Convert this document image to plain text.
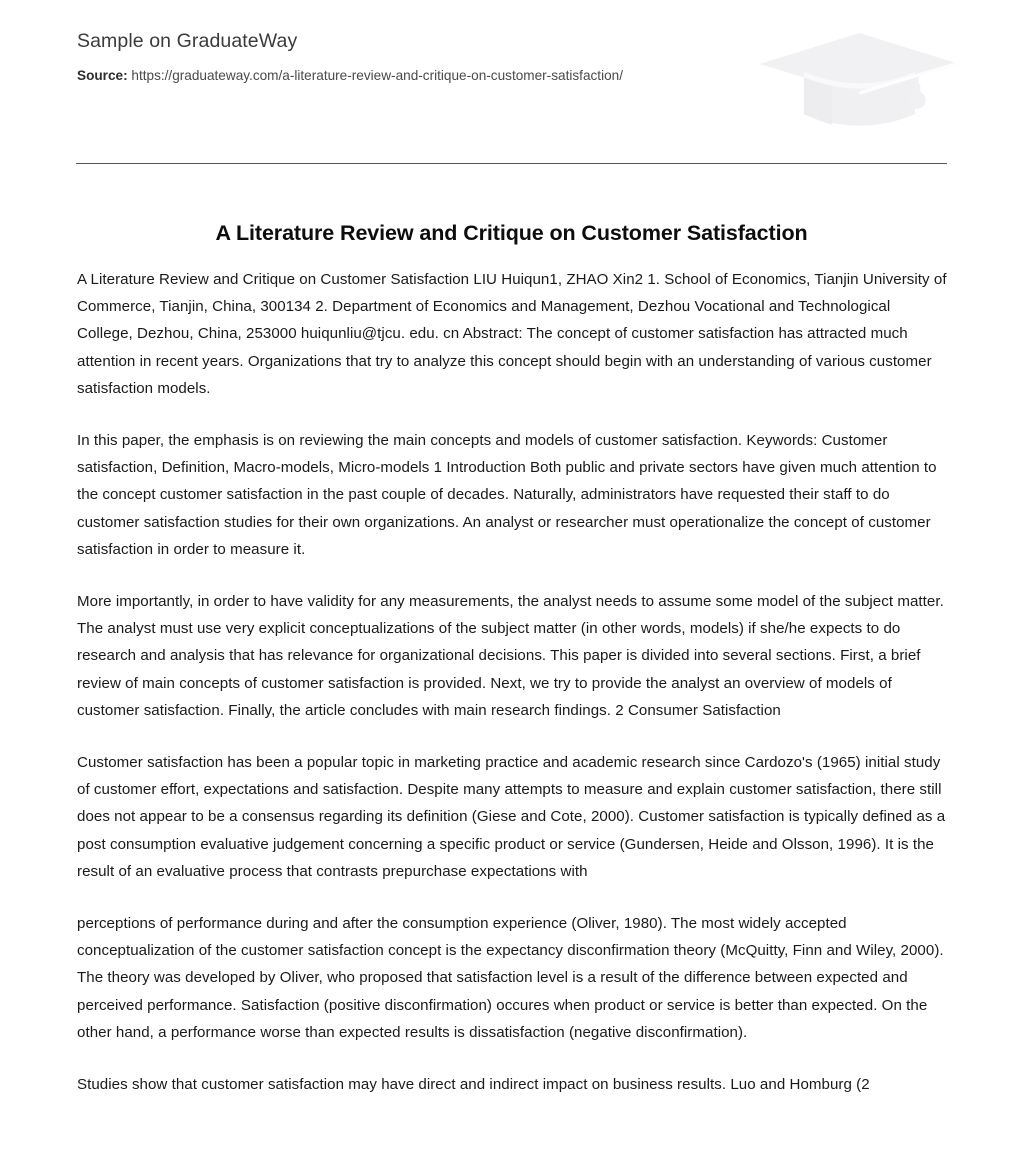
Sample on GraduateWay
Source: https://graduateway.com/a-literature-review-and-critique-on-customer-satisfaction/
A Literature Review and Critique on Customer Satisfaction

A Literature Review and Critique on Customer Satisfaction LIU Huiqun1, ZHAO Xin2 1. School of Economics, Tianjin University of Commerce, Tianjin, China, 300134 2. Department of Economics and Management, Dezhou Vocational and Technological College, Dezhou, China, 253000 huiqunliu@tjcu. edu. cn Abstract: The concept of customer satisfaction has attracted much attention in recent years. Organizations that try to analyze this concept should begin with an understanding of various customer satisfaction models.

In this paper, the emphasis is on reviewing the main concepts and models of customer satisfaction. Keywords: Customer satisfaction, Definition, Macro-models, Micro-models 1 Introduction Both public and private sectors have given much attention to the concept customer satisfaction in the past couple of decades. Naturally, administrators have requested their staff to do customer satisfaction studies for their own organizations. An analyst or researcher must operationalize the concept of customer satisfaction in order to measure it.

More importantly, in order to have validity for any measurements, the analyst needs to assume some model of the subject matter. The analyst must use very explicit conceptualizations of the subject matter (in other words, models) if she/he expects to do research and analysis that has relevance for organizational decisions. This paper is divided into several sections. First, a brief review of main concepts of customer satisfaction is provided. Next, we try to provide the analyst an overview of models of customer satisfaction. Finally, the article concludes with main research findings. 2 Consumer Satisfaction

Customer satisfaction has been a popular topic in marketing practice and academic research since Cardozo's (1965) initial study of customer effort, expectations and satisfaction. Despite many attempts to measure and explain customer satisfaction, there still does not appear to be a consensus regarding its definition (Giese and Cote, 2000). Customer satisfaction is typically defined as a post consumption evaluative judgement concerning a specific product or service (Gundersen, Heide and Olsson, 1996). It is the result of an evaluative process that contrasts prepurchase expectations with

perceptions of performance during and after the consumption experience (Oliver, 1980). The most widely accepted conceptualization of the customer satisfaction concept is the expectancy disconfirmation theory (McQuitty, Finn and Wiley, 2000). The theory was developed by Oliver, who proposed that satisfaction level is a result of the difference between expected and perceived performance. Satisfaction (positive disconfirmation) occures when product or service is better than expected. On the other hand, a performance worse than expected results is dissatisfaction (negative disconfirmation).

Studies show that customer satisfaction may have direct and indirect impact on business results. Luo and Homburg (2
